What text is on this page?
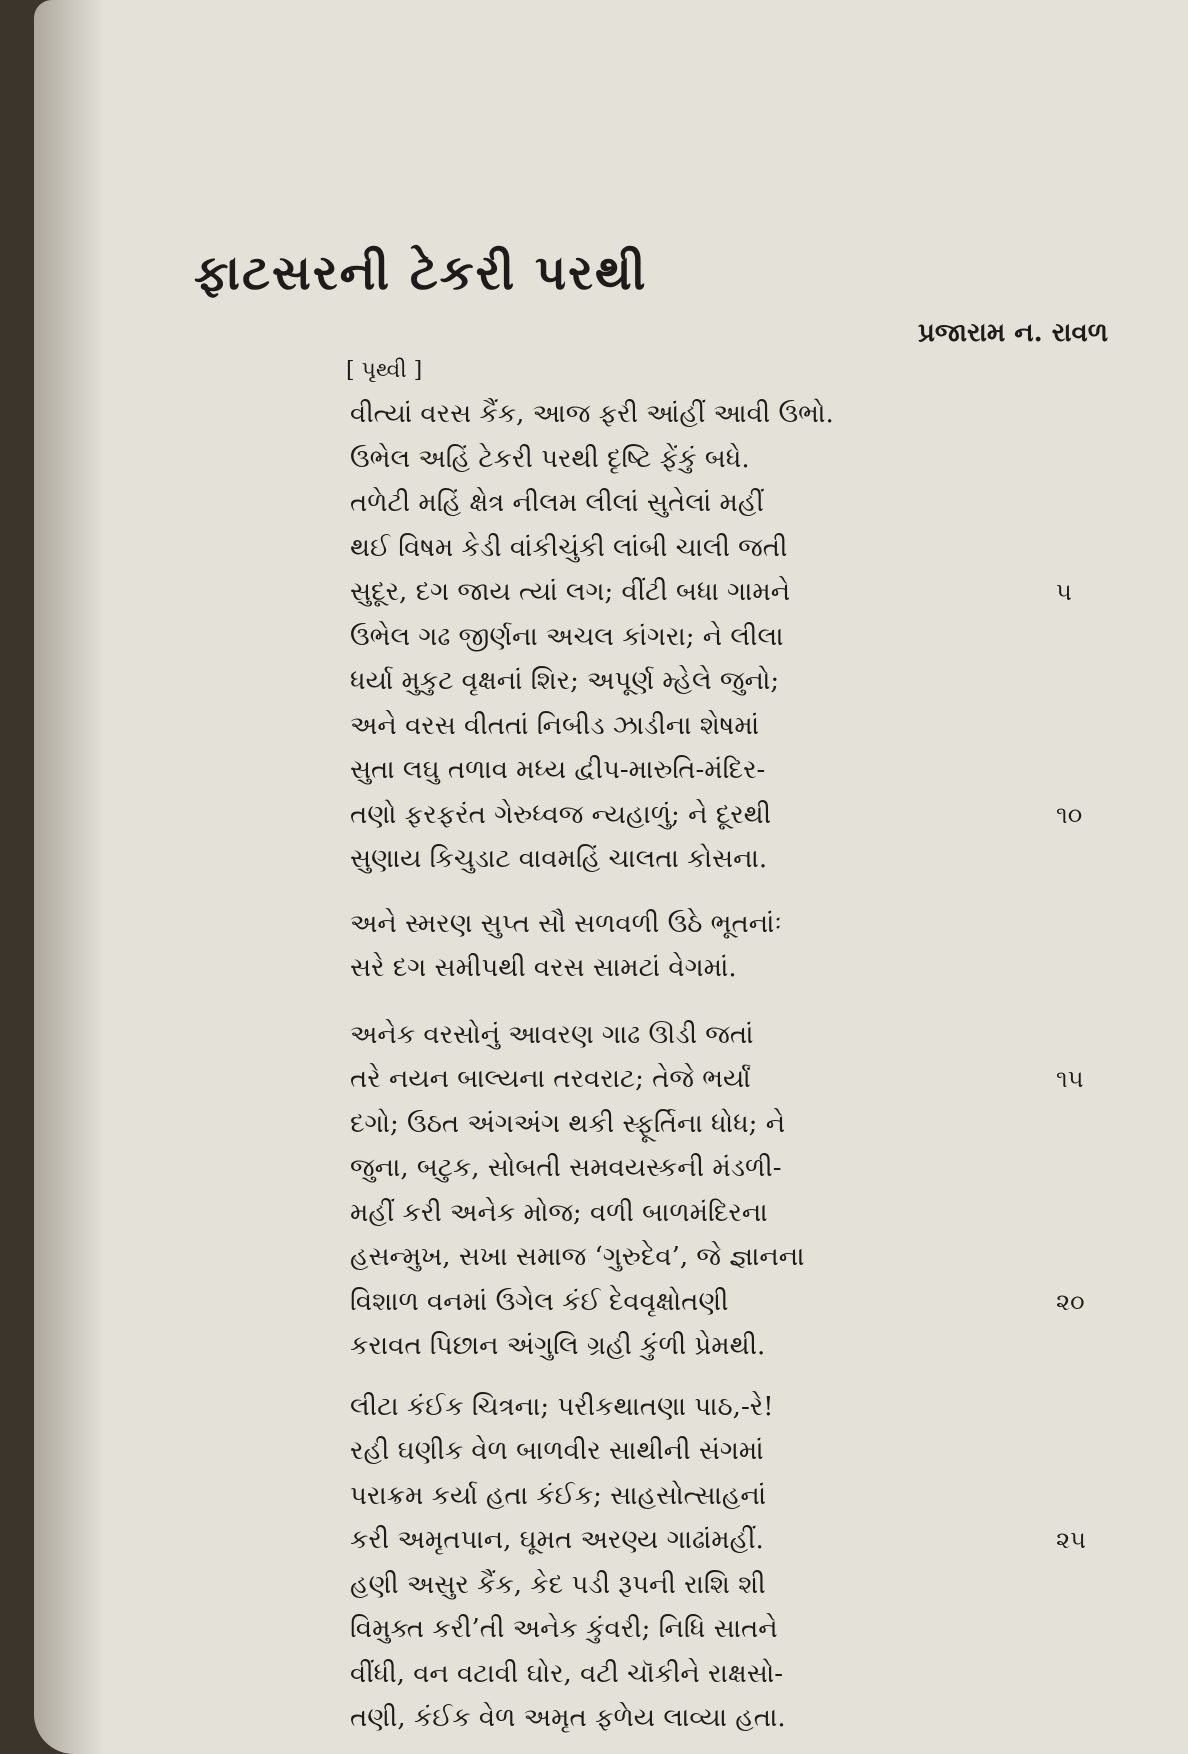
ફાટસરની ટેકરી પરથી
પ્રજારામ ન. રાવળ
[ પૃથ્વી ]
વીત્યાં વરસ કૈંક, આજ ફરી આંહીં આવી ઉભો.
ઉભેલ અહિં ટેકરી પરથી દૃષ્ટિ ફેંકું બધે.
તળેટી મહિં ક્ષેત્ર નીલમ લીલાં સુતેલાં મહીં
થઈ વિષમ કેડી વાંકીચુંકી લાંબી ચાલી જતી
સુદૂર, દગ જાય ત્યાં લગ; વીંટી બધા ગામને	૫
ઉભેલ ગઢ જીર્ણના અચલ કાંગરા; ને લીલા
ધર્યા મુકુટ વૃક્ષનાં શિર; અપૂર્ણ મ્હેલે જુનો;
અને વરસ વીતતાં નિબીડ ઝાડીના શેષમાં
સુતા લઘુ તળાવ મધ્ય દ્વીપ-મારુતિ-મંદિર-
તણો ફરફરંત ગેરુધ્વજ ન્યહાળું; ને દૂરથી	૧૦
સુણાય કિચુડાટ વાવમહિં ચાલતા કોસના.
અને સ્મરણ સુપ્ત સૌ સળવળી ઉઠે ભૂતનાંઃ
સરે દગ સમીપથી વરસ સામટાં વેગમાં.
અનેક વરસોનું આવરણ ગાઢ ઊડી જતાં
તરે નયન બાલ્યના તરવરાટ; તેજે ભર્યાં	૧૫
દગો; ઉઠત અંગઅંગ થકી સ્ફૂર્તિના ધોધ; ને
જુના, બટુક, સોબતી સમવયસ્કની મંડળી-
મહીં કરી અનેક મોજ; વળી બાળમંદિરના
હસન્મુખ, સખા સમાજ ‘ગુરુદેવ’, જે જ્ઞાનના
વિશાળ વનમાં ઉગેલ કંઈ દેવવૃક્ષોતણી	૨૦
કરાવત પિછાન અંગુલિ ગ્રહી કુંળી પ્રેમથી.
લીટા કંઈક ચિત્રના; પરીકથાતણા પાઠ,-રે!
રહી ઘણીક વેળ બાળવીર સાથીની સંગમાં
પરાક્રમ કર્યા હતા કંઈક; સાહસોત્સાહનાં
કરી અમૃતપાન, ઘૂમત અરણ્ય ગાઢાંમહીં.	૨૫
હણી અસુર કૈંક, કેદ પડી રૂપની રાશિ શી
વિમુક્ત કરી’તી અનેક કુંવરી; નિધિ સાતને
વીંધી, વન વટાવી ઘોર, વટી ચૉકીને રાક્ષસો-
તણી, કંઈક વેળ અમૃત ફળેય લાવ્યા હતા.
